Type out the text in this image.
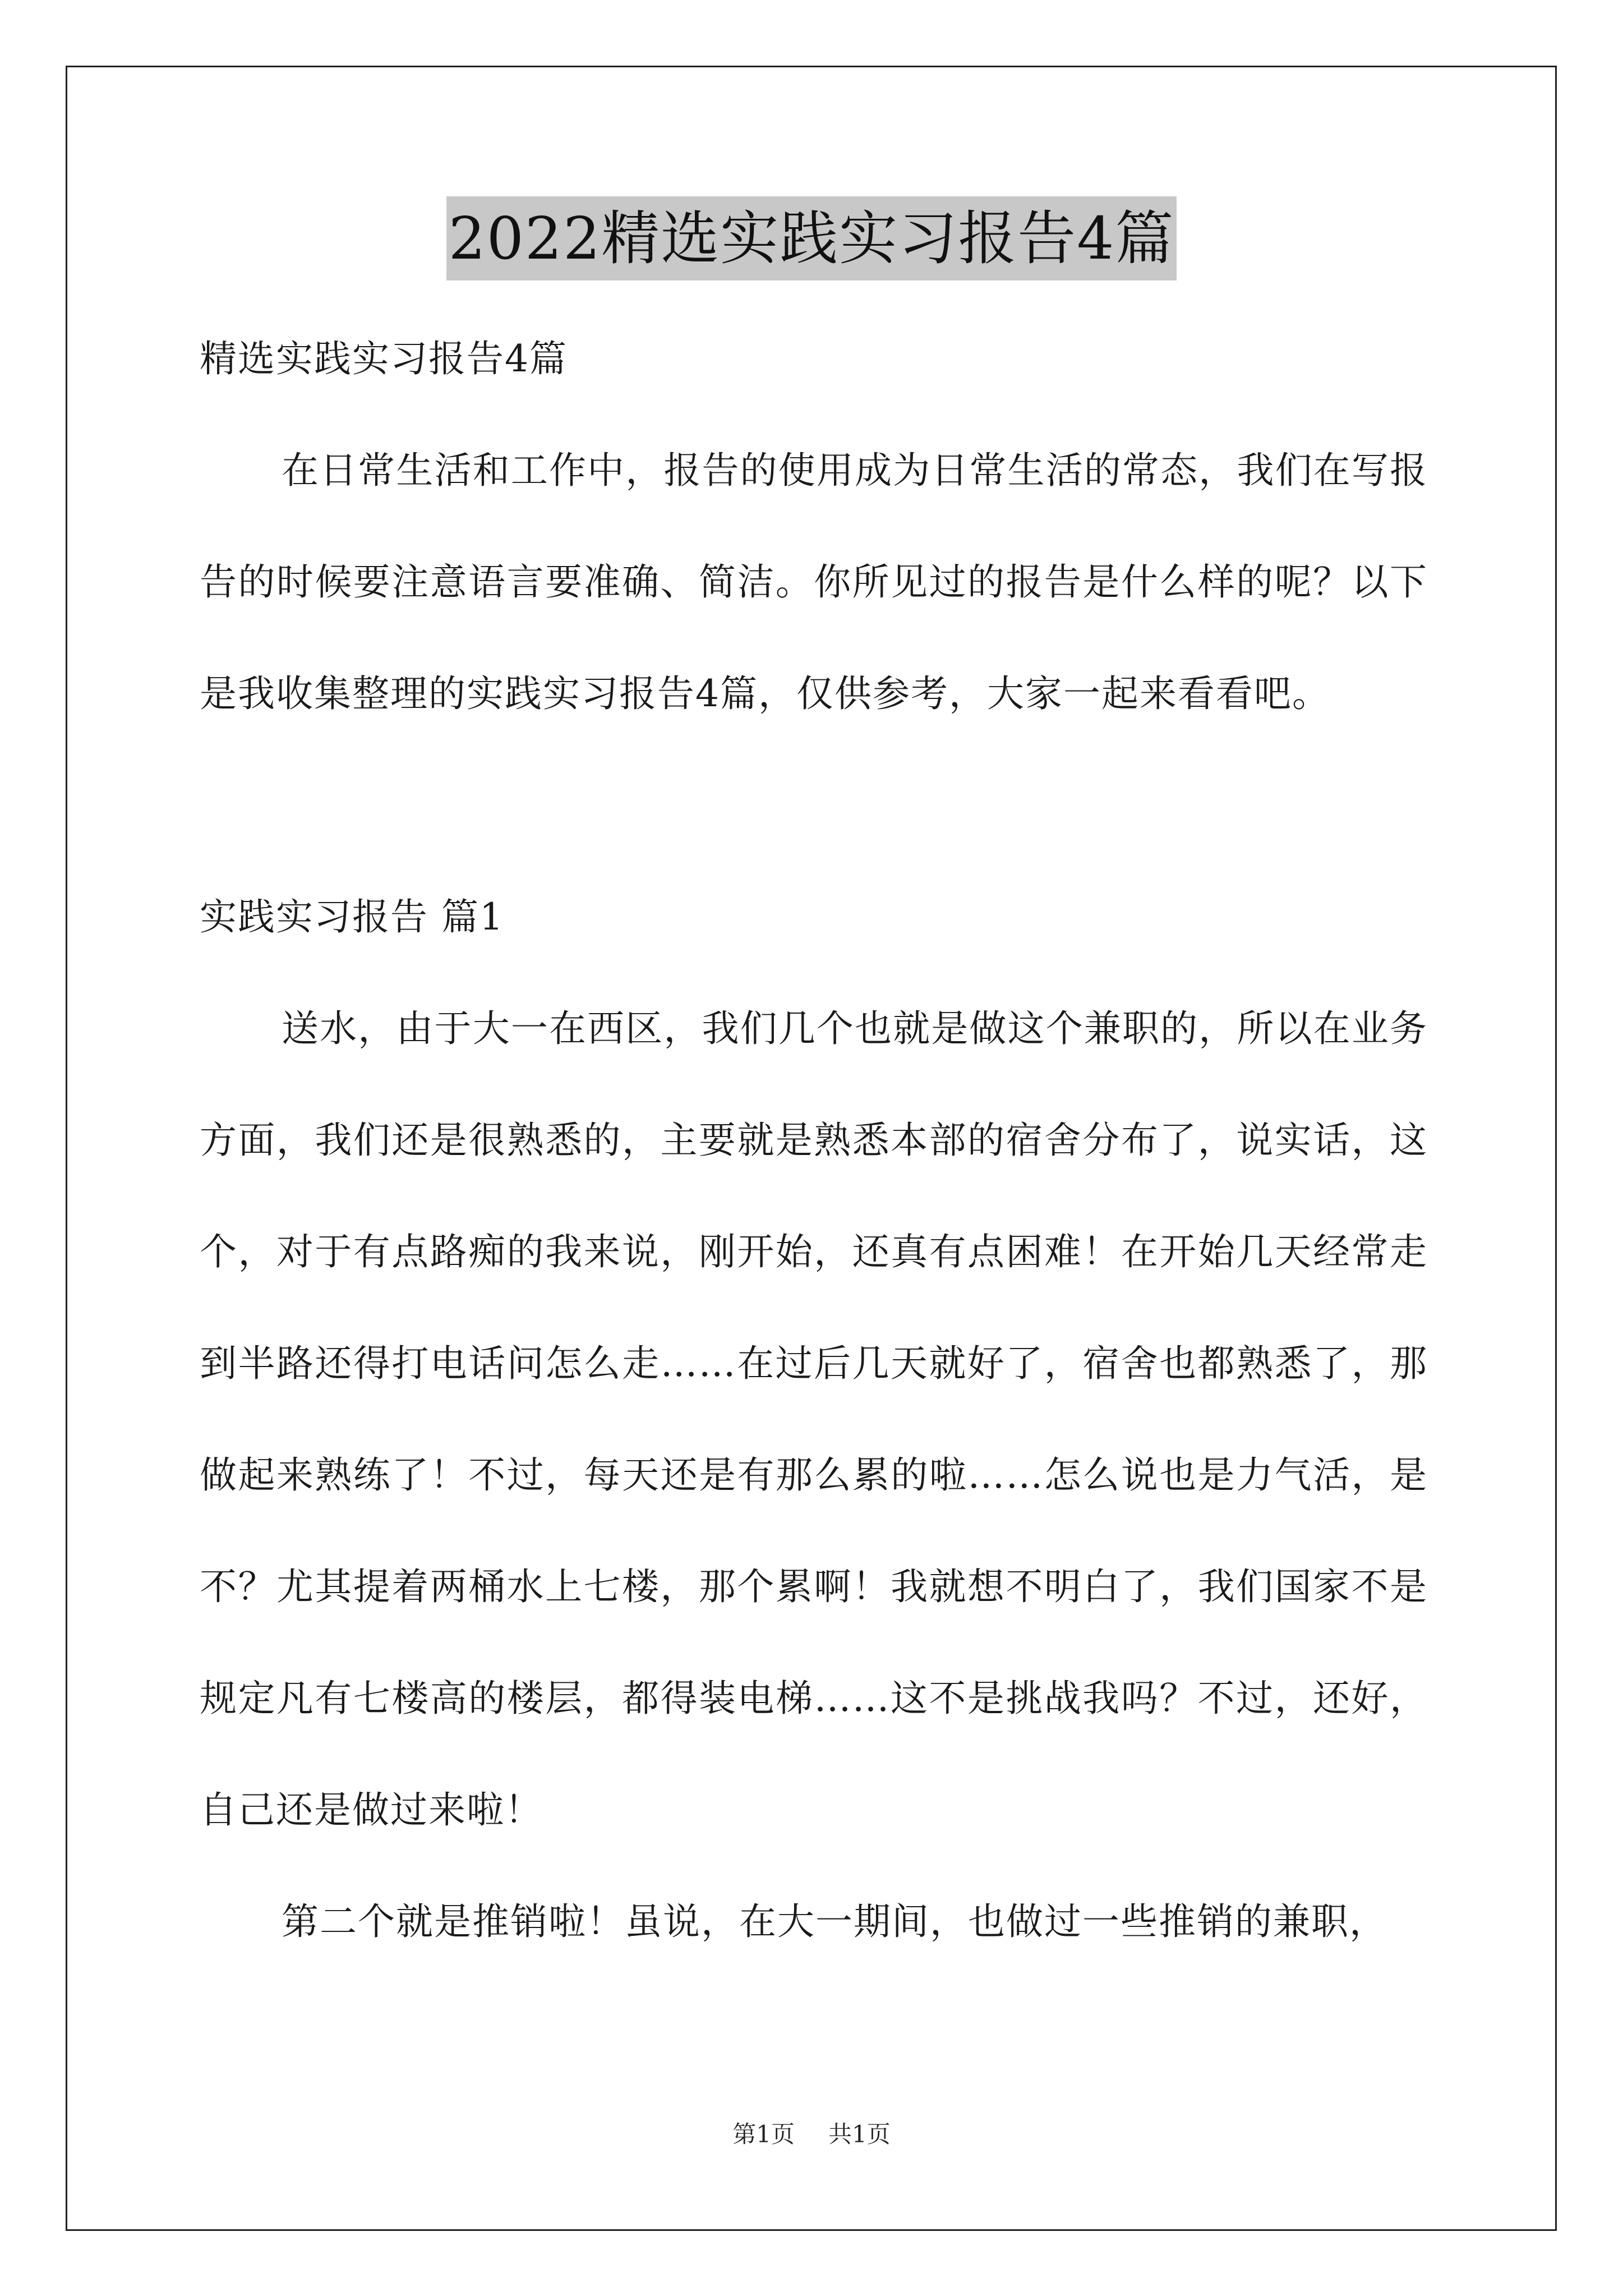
2022精选实践实习报告4篇

精选实践实习报告4篇

在日常生活和工作中，报告的使用成为日常生活的常态，我们在写报告的时候要注意语言要准确、简洁。你所见过的报告是什么样的呢？以下是我收集整理的实践实习报告4篇，仅供参考，大家一起来看看吧。

实践实习报告 篇1

送水，由于大一在西区，我们几个也就是做这个兼职的，所以在业务方面，我们还是很熟悉的，主要就是熟悉本部的宿舍分布了，说实话，这个，对于有点路痴的我来说，刚开始，还真有点困难！在开始几天经常走到半路还得打电话问怎么走……在过后几天就好了，宿舍也都熟悉了，那做起来熟练了！不过，每天还是有那么累的啦……怎么说也是力气活，是不？尤其提着两桶水上七楼，那个累啊！我就想不明白了，我们国家不是规定凡有七楼高的楼层，都得装电梯……这不是挑战我吗？不过，还好，自己还是做过来啦！

第二个就是推销啦！虽说，在大一期间，也做过一些推销的兼职，

第1页 共1页
